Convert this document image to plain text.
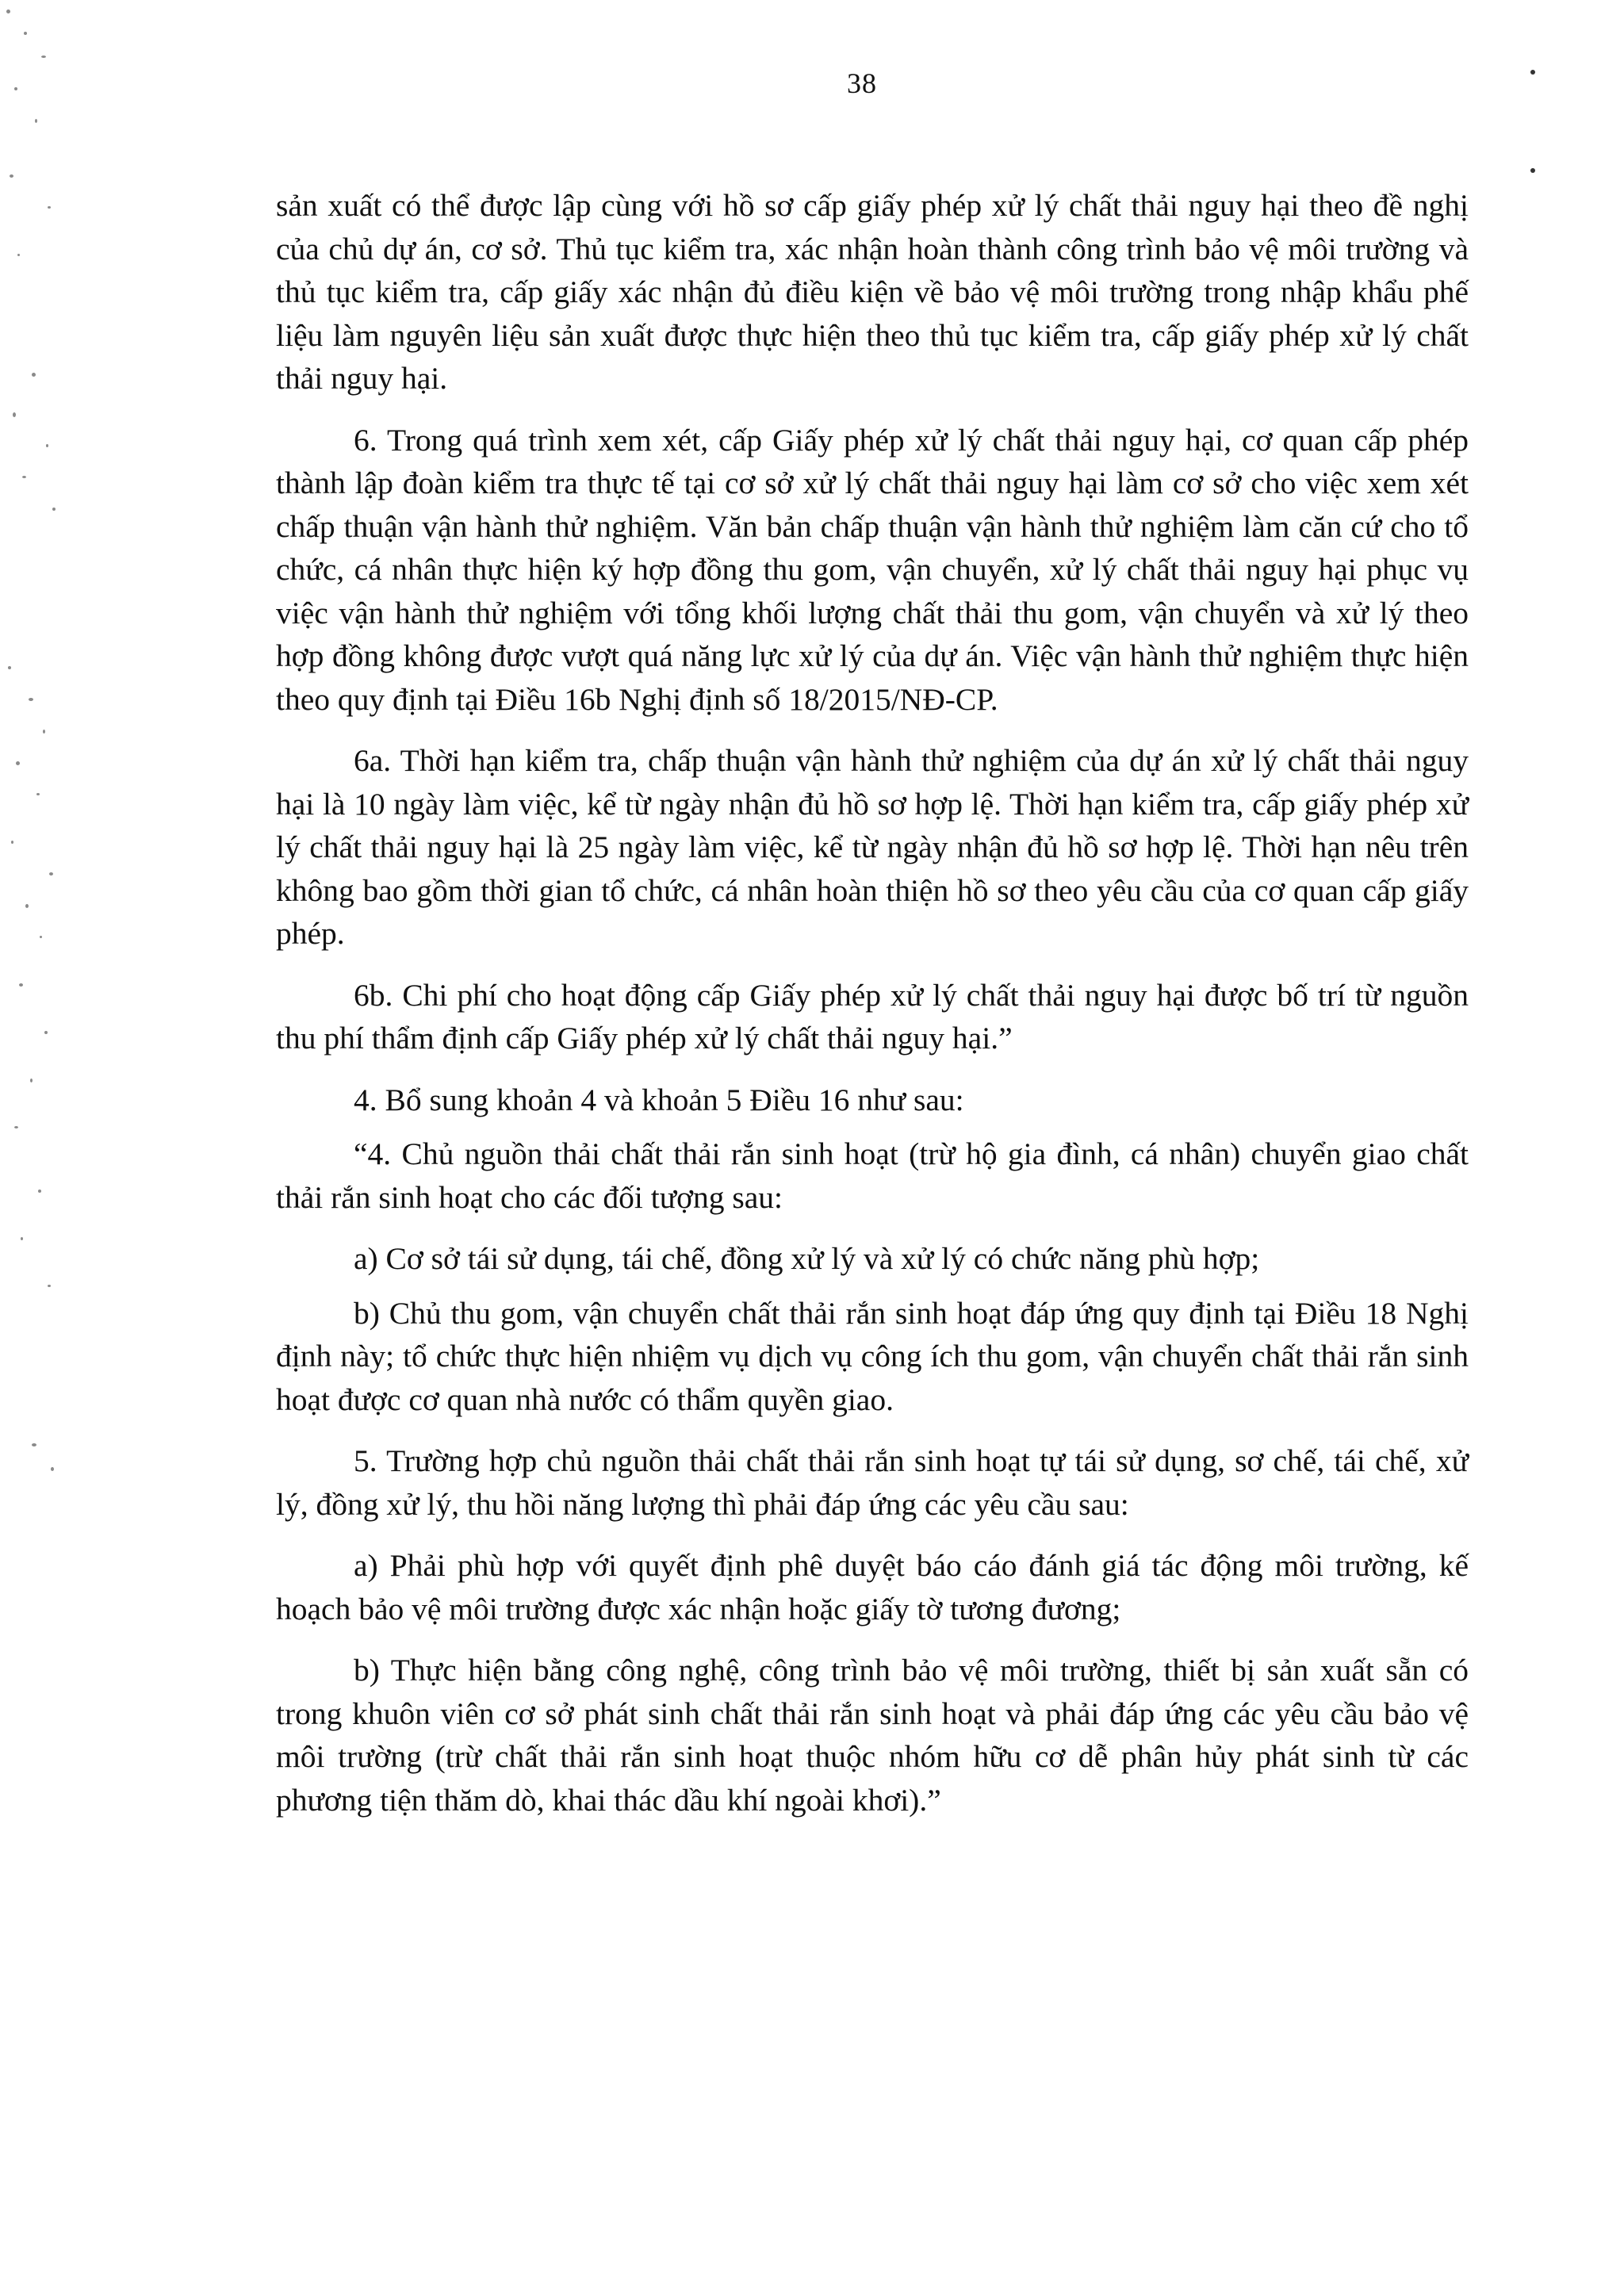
38

sản xuất có thể được lập cùng với hồ sơ cấp giấy phép xử lý chất thải nguy hại theo đề nghị của chủ dự án, cơ sở. Thủ tục kiểm tra, xác nhận hoàn thành công trình bảo vệ môi trường và thủ tục kiểm tra, cấp giấy xác nhận đủ điều kiện về bảo vệ môi trường trong nhập khẩu phế liệu làm nguyên liệu sản xuất được thực hiện theo thủ tục kiểm tra, cấp giấy phép xử lý chất thải nguy hại.

6. Trong quá trình xem xét, cấp Giấy phép xử lý chất thải nguy hại, cơ quan cấp phép thành lập đoàn kiểm tra thực tế tại cơ sở xử lý chất thải nguy hại làm cơ sở cho việc xem xét chấp thuận vận hành thử nghiệm. Văn bản chấp thuận vận hành thử nghiệm làm căn cứ cho tổ chức, cá nhân thực hiện ký hợp đồng thu gom, vận chuyển, xử lý chất thải nguy hại phục vụ việc vận hành thử nghiệm với tổng khối lượng chất thải thu gom, vận chuyển và xử lý theo hợp đồng không được vượt quá năng lực xử lý của dự án. Việc vận hành thử nghiệm thực hiện theo quy định tại Điều 16b Nghị định số 18/2015/NĐ-CP.

6a. Thời hạn kiểm tra, chấp thuận vận hành thử nghiệm của dự án xử lý chất thải nguy hại là 10 ngày làm việc, kể từ ngày nhận đủ hồ sơ hợp lệ. Thời hạn kiểm tra, cấp giấy phép xử lý chất thải nguy hại là 25 ngày làm việc, kể từ ngày nhận đủ hồ sơ hợp lệ. Thời hạn nêu trên không bao gồm thời gian tổ chức, cá nhân hoàn thiện hồ sơ theo yêu cầu của cơ quan cấp giấy phép.

6b. Chi phí cho hoạt động cấp Giấy phép xử lý chất thải nguy hại được bố trí từ nguồn thu phí thẩm định cấp Giấy phép xử lý chất thải nguy hại.”

4. Bổ sung khoản 4 và khoản 5 Điều 16 như sau:

“4. Chủ nguồn thải chất thải rắn sinh hoạt (trừ hộ gia đình, cá nhân) chuyển giao chất thải rắn sinh hoạt cho các đối tượng sau:

a) Cơ sở tái sử dụng, tái chế, đồng xử lý và xử lý có chức năng phù hợp;

b) Chủ thu gom, vận chuyển chất thải rắn sinh hoạt đáp ứng quy định tại Điều 18 Nghị định này; tổ chức thực hiện nhiệm vụ dịch vụ công ích thu gom, vận chuyển chất thải rắn sinh hoạt được cơ quan nhà nước có thẩm quyền giao.

5. Trường hợp chủ nguồn thải chất thải rắn sinh hoạt tự tái sử dụng, sơ chế, tái chế, xử lý, đồng xử lý, thu hồi năng lượng thì phải đáp ứng các yêu cầu sau:

a) Phải phù hợp với quyết định phê duyệt báo cáo đánh giá tác động môi trường, kế hoạch bảo vệ môi trường được xác nhận hoặc giấy tờ tương đương;

b) Thực hiện bằng công nghệ, công trình bảo vệ môi trường, thiết bị sản xuất sẵn có trong khuôn viên cơ sở phát sinh chất thải rắn sinh hoạt và phải đáp ứng các yêu cầu bảo vệ môi trường (trừ chất thải rắn sinh hoạt thuộc nhóm hữu cơ dễ phân hủy phát sinh từ các phương tiện thăm dò, khai thác dầu khí ngoài khơi).”
